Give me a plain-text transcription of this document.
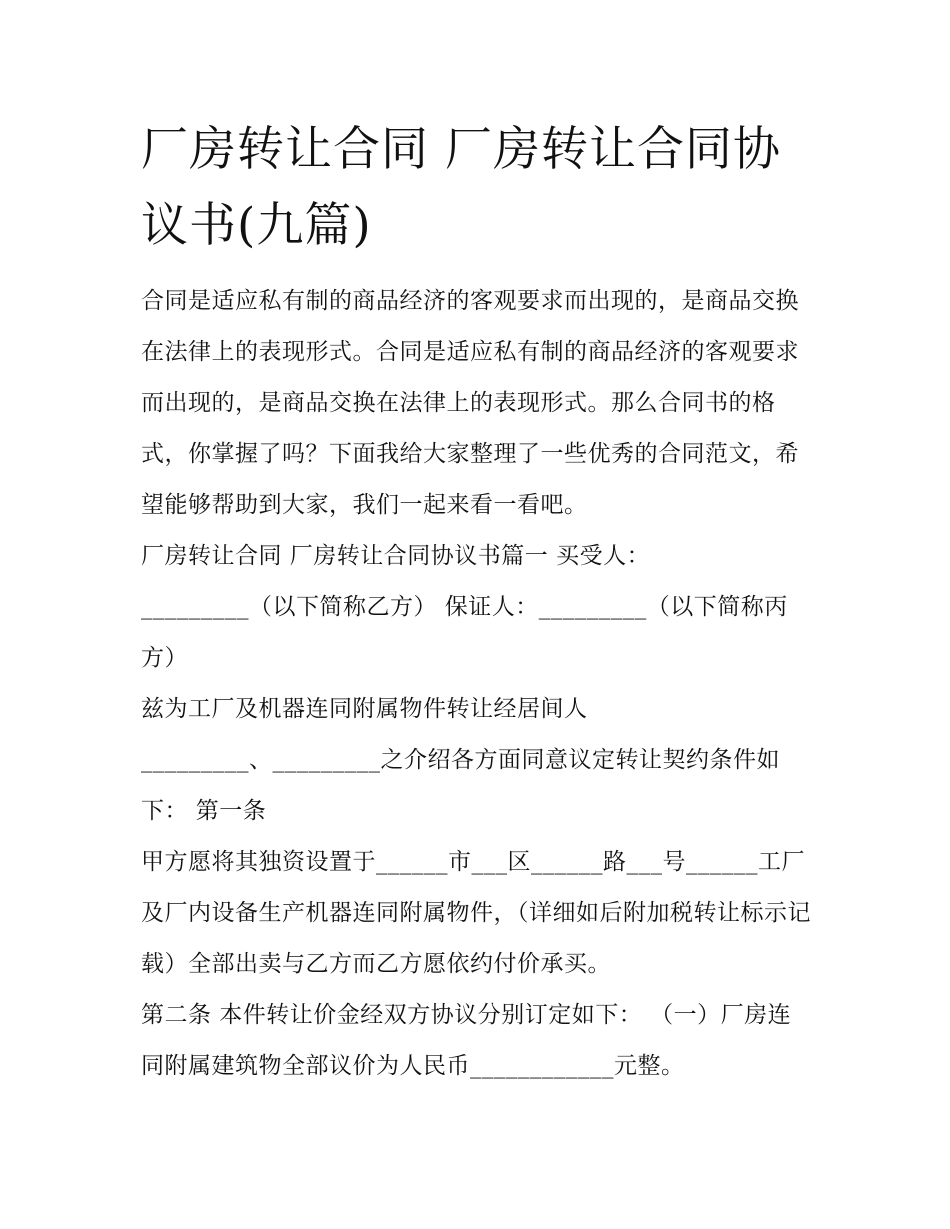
厂房转让合同 厂房转让合同协议书(九篇)

合同是适应私有制的商品经济的客观要求而出现的，是商品交换在法律上的表现形式。合同是适应私有制的商品经济的客观要求而出现的，是商品交换在法律上的表现形式。那么合同书的格式，你掌握了吗？下面我给大家整理了一些优秀的合同范文，希望能够帮助到大家，我们一起来看一看吧。

厂房转让合同 厂房转让合同协议书篇一 买受人：

_________（以下简称乙方） 保证人：_________（以下简称丙方）

兹为工厂及机器连同附属物件转让经居间人

_________、_________之介绍各方面同意议定转让契约条件如下： 第一条

甲方愿将其独资设置于______市___区______路___号______工厂及厂内设备生产机器连同附属物件，（详细如后附加税转让标示记载）全部出卖与乙方而乙方愿依约付价承买。

第二条 本件转让价金经双方协议分别订定如下： （一）厂房连同附属建筑物全部议价为人民币____________元整。
